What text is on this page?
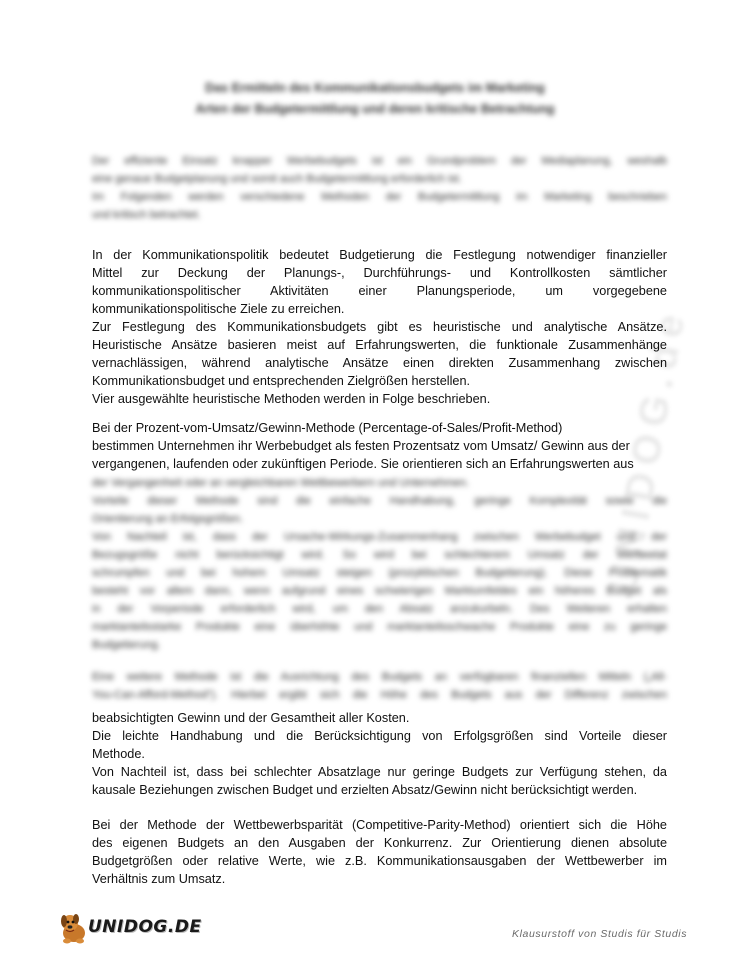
UNIDOG.de
Das Ermitteln des Kommunikationsbudgets im Marketing
Arten der Budgetermittlung und deren kritische Betrachtung
Der effiziente Einsatz knapper Werbebudgets ist ein Grundproblem der Mediaplanung, weshalb
eine genaue Budgetplanung und somit auch Budgetermittlung erforderlich ist.
Im Folgenden werden verschiedene Methoden der Budgetermittlung im Marketing beschrieben
und kritisch betrachtet.
In der Kommunikationspolitik bedeutet Budgetierung die Festlegung notwendiger finanzieller
Mittel zur Deckung der Planungs-, Durchführungs- und Kontrollkosten sämtlicher
kommunikationspolitischer Aktivitäten einer Planungsperiode, um vorgegebene
kommunikationspolitische Ziele zu erreichen.
Zur Festlegung des Kommunikationsbudgets gibt es heuristische und analytische Ansätze.
Heuristische Ansätze basieren meist auf Erfahrungswerten, die funktionale Zusammenhänge
vernachlässigen, während analytische Ansätze einen direkten Zusammenhang zwischen
Kommunikationsbudget und entsprechenden Zielgrößen herstellen.
Vier ausgewählte heuristische Methoden werden in Folge beschrieben.
Bei der Prozent-vom-Umsatz/Gewinn-Methode (Percentage-of-Sales/Profit-Method)
bestimmen Unternehmen ihr Werbebudget als festen Prozentsatz vom Umsatz/ Gewinn aus der
vergangenen, laufenden oder zukünftigen Periode. Sie orientieren sich an Erfahrungswerten aus
der Vergangenheit oder an vergleichbaren Wettbewerbern und Unternehmen.
Vorteile dieser Methode sind die einfache Handhabung, geringe Komplexität sowie die
Orientierung an Erfolgsgrößen.
Von Nachteil ist, dass der Ursache-Wirkungs-Zusammenhang zwischen Werbebudget und der
Bezugsgröße nicht berücksichtigt wird. So wird bei schlechterem Umsatz der Werbeetat
schrumpfen und bei hohem Umsatz steigen (prozyklischen Budgetierung). Diese Problematik
besteht vor allem dann, wenn aufgrund eines schwierigen Marktumfeldes ein höheres Budget als
in der Vorperiode erforderlich wird, um den Absatz anzukurbeln. Des Weiteren erhalten
marktanteilsstarke Produkte eine überhöhte und marktanteilsschwache Produkte eine zu geringe
Budgetierung.
Eine weitere Methode ist die Ausrichtung des Budgets an verfügbaren finanziellen Mitteln („All-
You-Can-Afford-Method“). Hierbei ergibt sich die Höhe des Budgets aus der Differenz zwischen
beabsichtigten Gewinn und der Gesamtheit aller Kosten.
Die leichte Handhabung und die Berücksichtigung von Erfolgsgrößen sind Vorteile dieser
Methode.
Von Nachteil ist, dass bei schlechter Absatzlage nur geringe Budgets zur Verfügung stehen, da
kausale Beziehungen zwischen Budget und erzielten Absatz/Gewinn nicht berücksichtigt werden.
Bei der Methode der Wettbewerbsparität (Competitive-Parity-Method) orientiert sich die Höhe
des eigenen Budgets an den Ausgaben der Konkurrenz. Zur Orientierung dienen absolute
Budgetgrößen oder relative Werte, wie z.B. Kommunikationsausgaben der Wettbewerber im
Verhältnis zum Umsatz.
UNIDOG.DE	Klausurstoff von Studis für Studis
